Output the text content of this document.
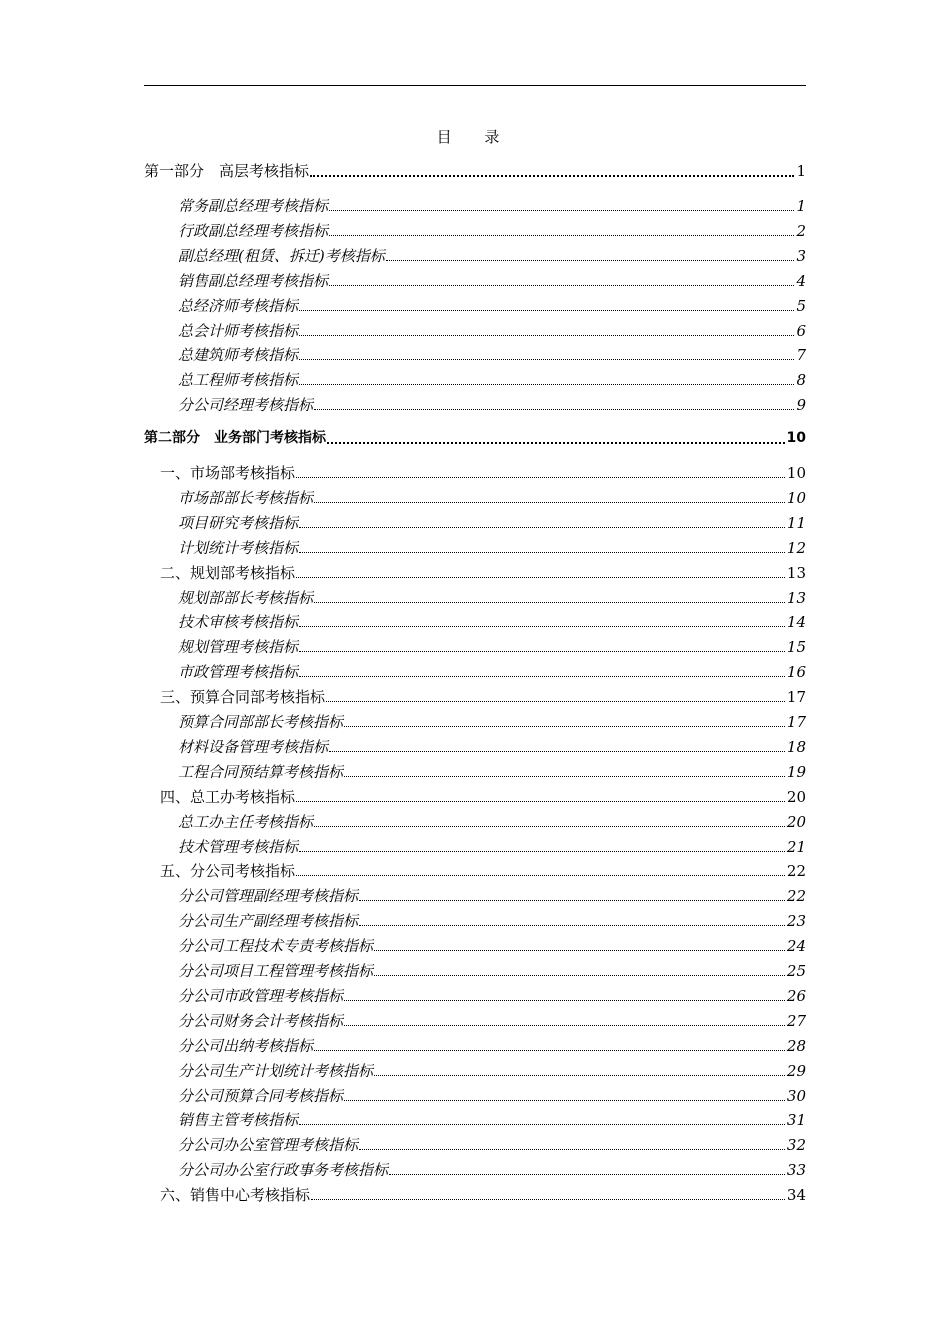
目 录
第一部分　高层考核指标	1
常务副总经理考核指标	1
行政副总经理考核指标	2
副总经理(租赁、拆迁)考核指标	3
销售副总经理考核指标	4
总经济师考核指标	5
总会计师考核指标	6
总建筑师考核指标	7
总工程师考核指标	8
分公司经理考核指标	9
第二部分　业务部门考核指标	10
一、市场部考核指标	10
市场部部长考核指标	10
项目研究考核指标	11
计划统计考核指标	12
二、规划部考核指标	13
规划部部长考核指标	13
技术审核考核指标	14
规划管理考核指标	15
市政管理考核指标	16
三、预算合同部考核指标	17
预算合同部部长考核指标	17
材料设备管理考核指标	18
工程合同预结算考核指标	19
四、总工办考核指标	20
总工办主任考核指标	20
技术管理考核指标	21
五、分公司考核指标	22
分公司管理副经理考核指标	22
分公司生产副经理考核指标	23
分公司工程技术专责考核指标	24
分公司项目工程管理考核指标	25
分公司市政管理考核指标	26
分公司财务会计考核指标	27
分公司出纳考核指标	28
分公司生产计划统计考核指标	29
分公司预算合同考核指标	30
销售主管考核指标	31
分公司办公室管理考核指标	32
分公司办公室行政事务考核指标	33
六、销售中心考核指标	34
